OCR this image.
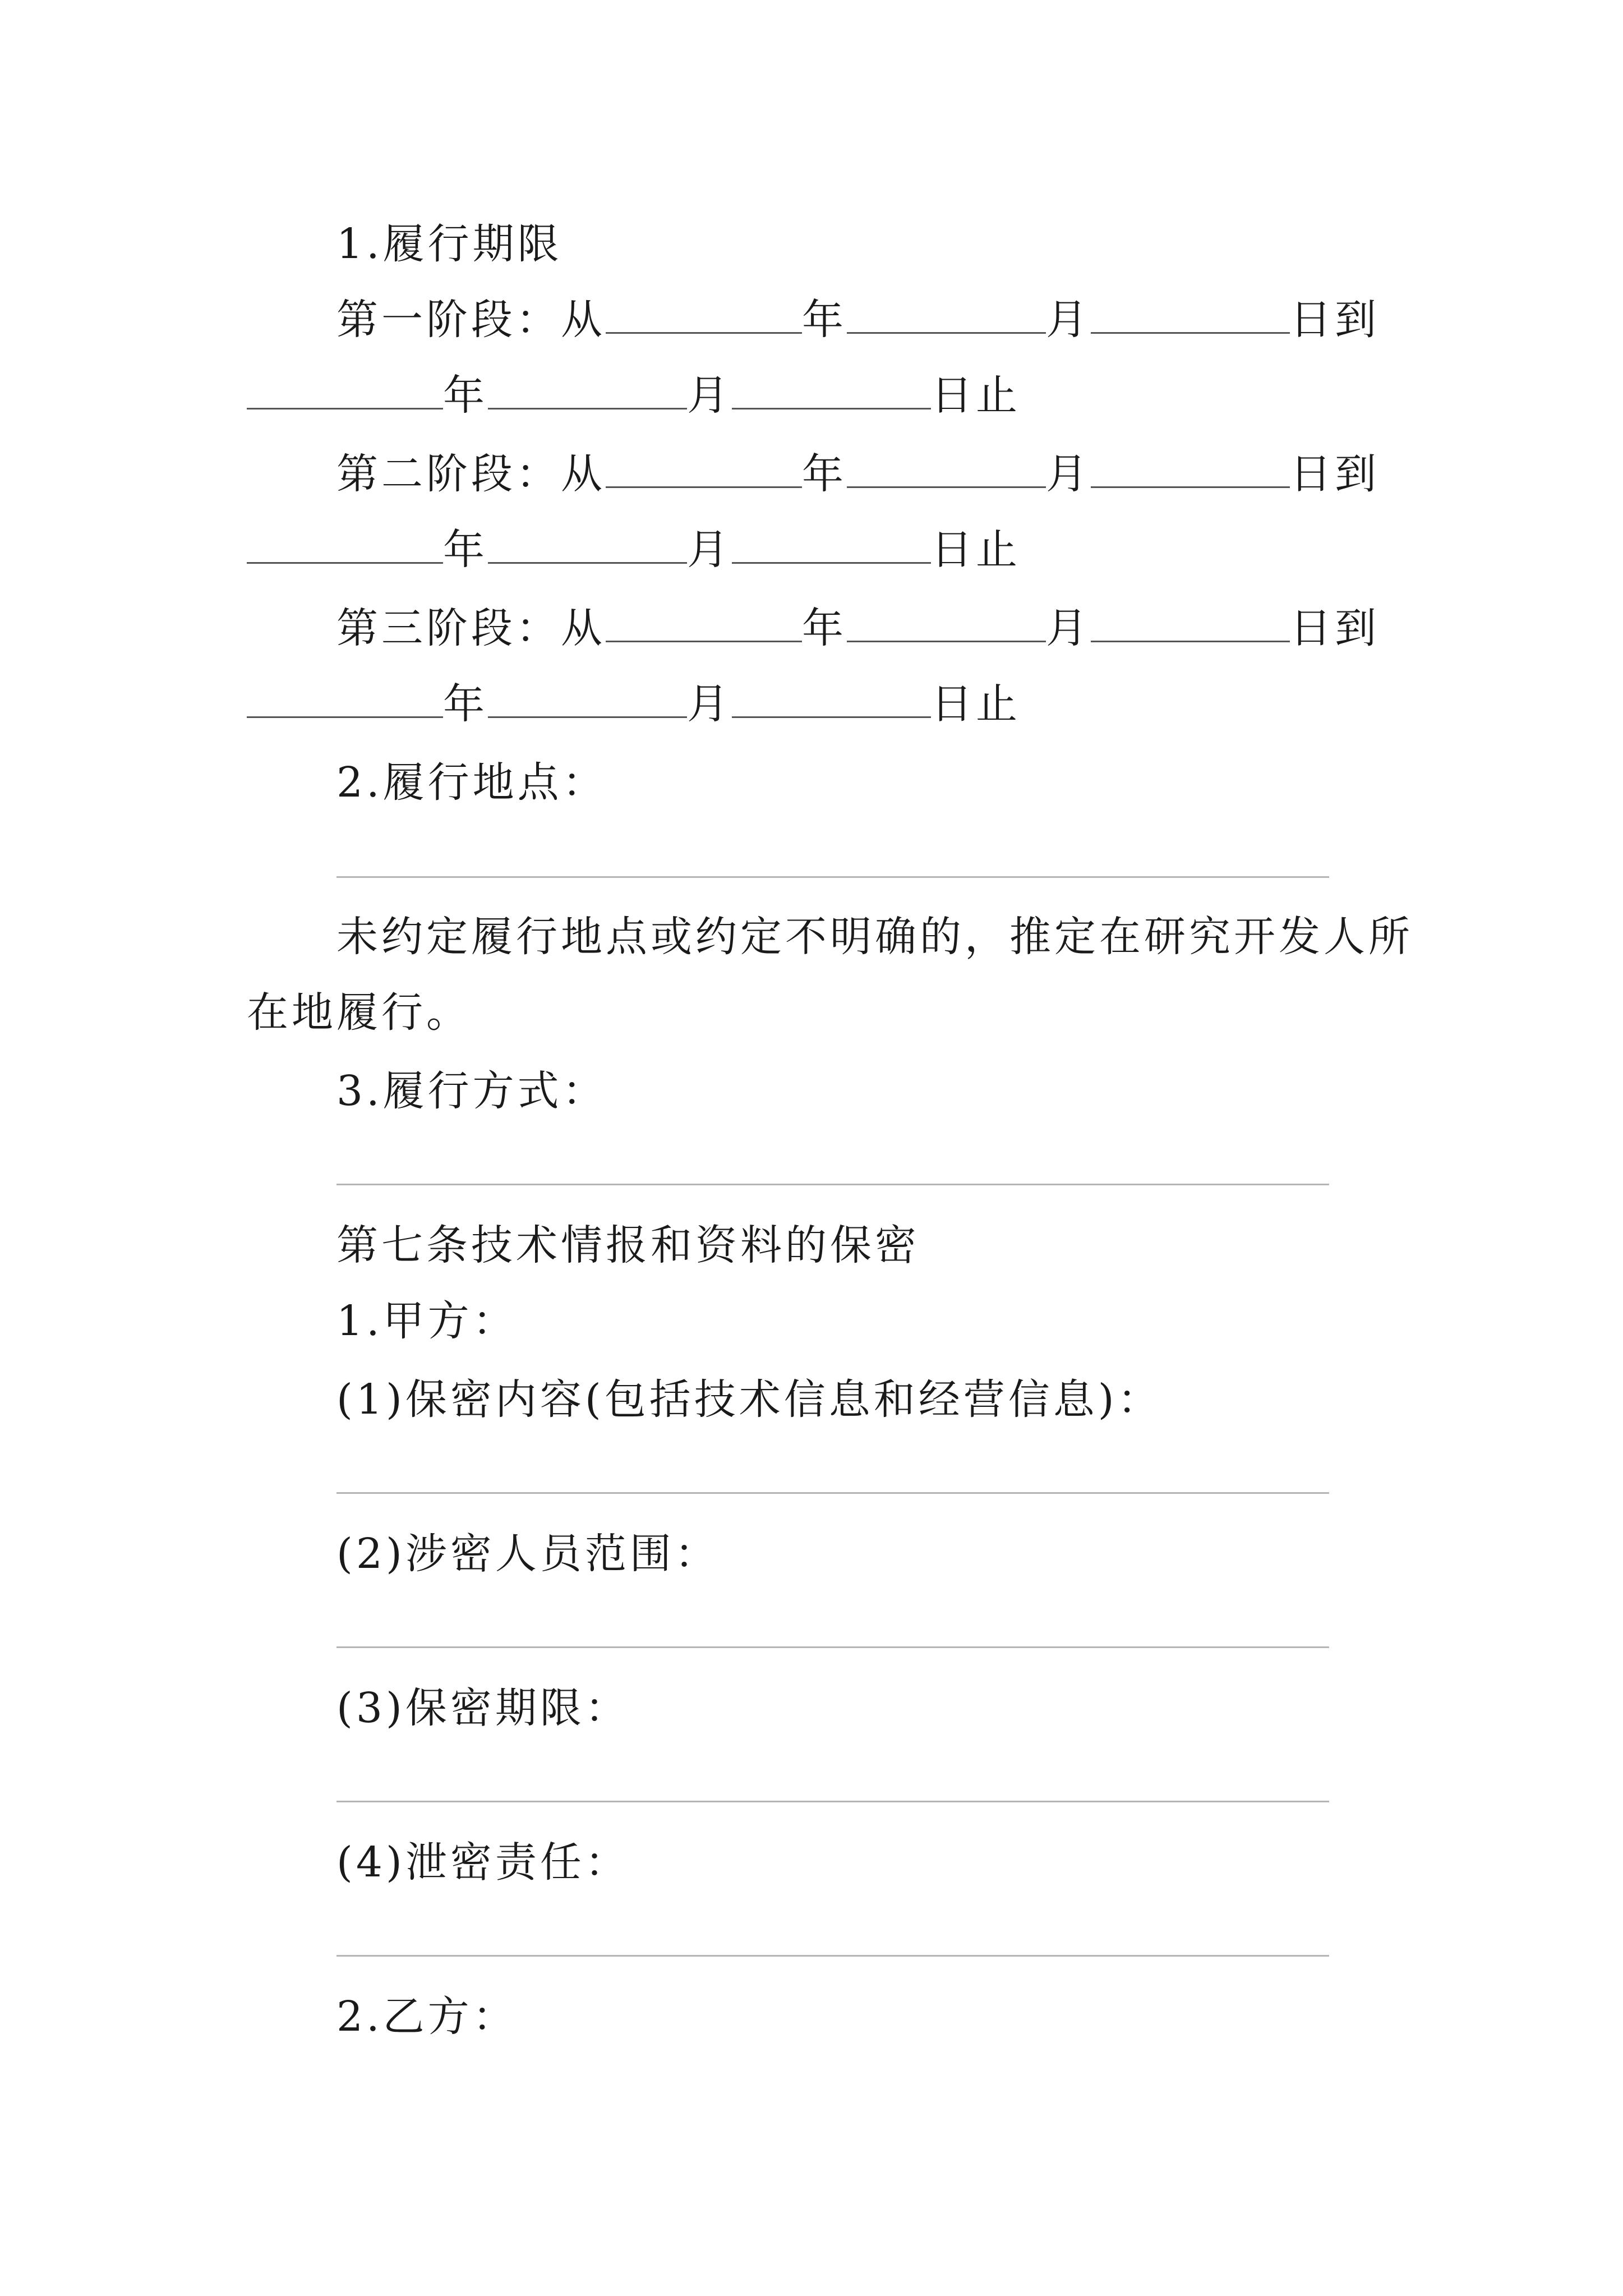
1.履行期限
第一阶段：从	年	月	日到
年	月	日止
第二阶段：从	年	月	日到
年	月	日止
第三阶段：从	年	月	日到
年	月	日止
2.履行地点：
未约定履行地点或约定不明确的，推定在研究开发人所
在地履行。
3.履行方式：
第七条技术情报和资料的保密
1.甲方：
(1)保密内容(包括技术信息和经营信息)：
(2)涉密人员范围：
(3)保密期限：
(4)泄密责任：
2.乙方：
